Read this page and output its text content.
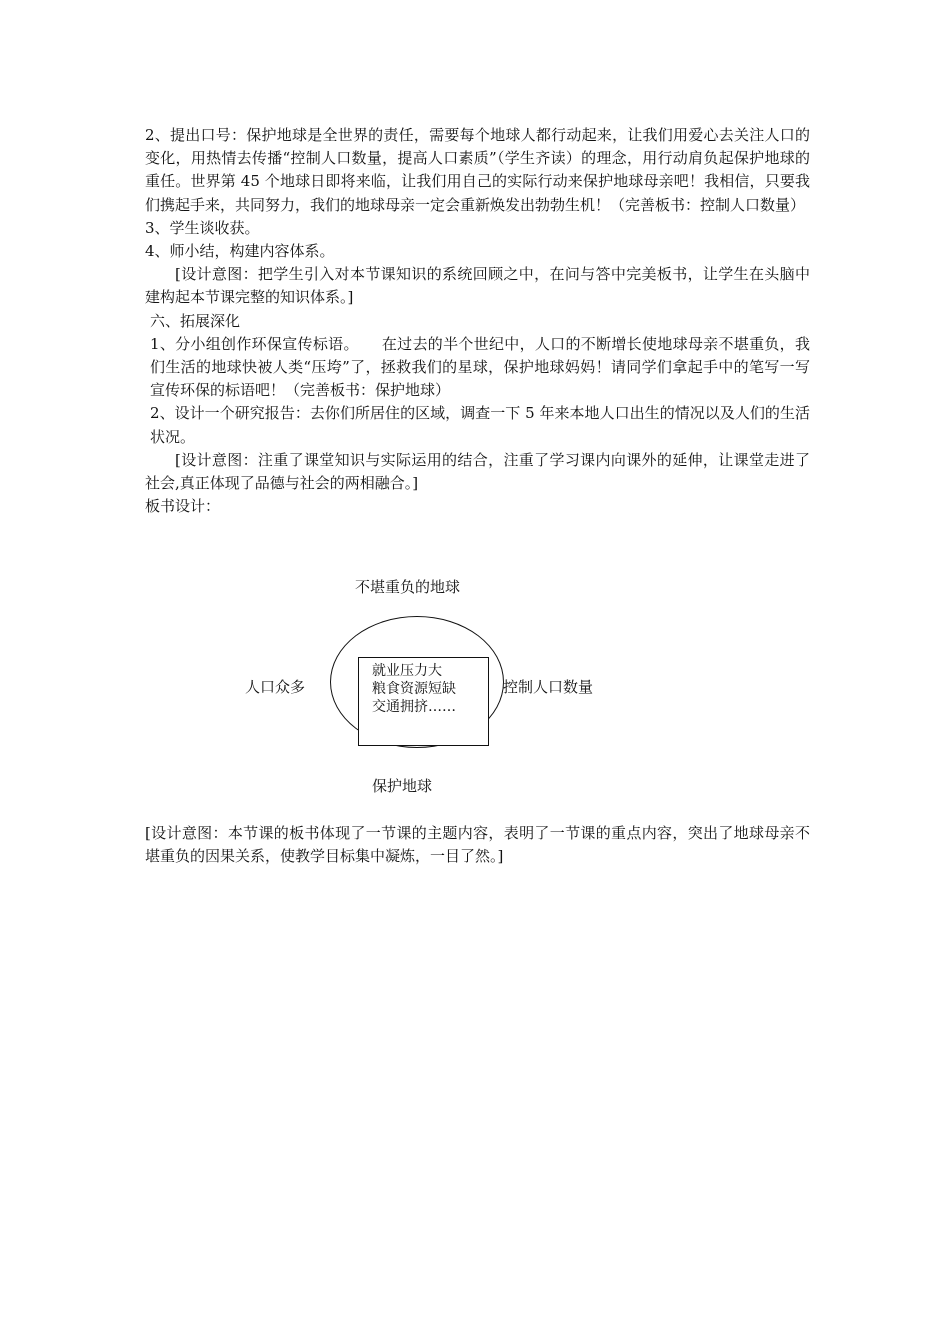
2、提出口号：保护地球是全世界的责任，需要每个地球人都行动起来，让我们用爱心去关注人口的变化，用热情去传播“控制人口数量，提高人口素质”（学生齐读）的理念，用行动肩负起保护地球的重任。世界第 45 个地球日即将来临，让我们用自己的实际行动来保护地球母亲吧！我相信，只要我们携起手来，共同努力，我们的地球母亲一定会重新焕发出勃勃生机！（完善板书：控制人口数量）

3、学生谈收获。

4、师小结，构建内容体系。

[设计意图：把学生引入对本节课知识的系统回顾之中，在问与答中完美板书，让学生在头脑中建构起本节课完整的知识体系。]

六、拓展深化

1、分小组创作环保宣传标语。　　在过去的半个世纪中，人口的不断增长使地球母亲不堪重负，我们生活的地球快被人类“压垮”了，拯救我们的星球，保护地球妈妈！请同学们拿起手中的笔写一写宣传环保的标语吧！（完善板书：保护地球）

2、设计一个研究报告：去你们所居住的区域，调查一下 5 年来本地人口出生的情况以及人们的生活状况。

[设计意图：注重了课堂知识与实际运用的结合，注重了学习课内向课外的延伸，让课堂走进了社会,真正体现了品德与社会的两相融合。]

板书设计：

不堪重负的地球
人口众多
就业压力大
粮食资源短缺
交通拥挤……
控制人口数量
保护地球

[设计意图：本节课的板书体现了一节课的主题内容，表明了一节课的重点内容，突出了地球母亲不堪重负的因果关系，使教学目标集中凝炼，一目了然。]
